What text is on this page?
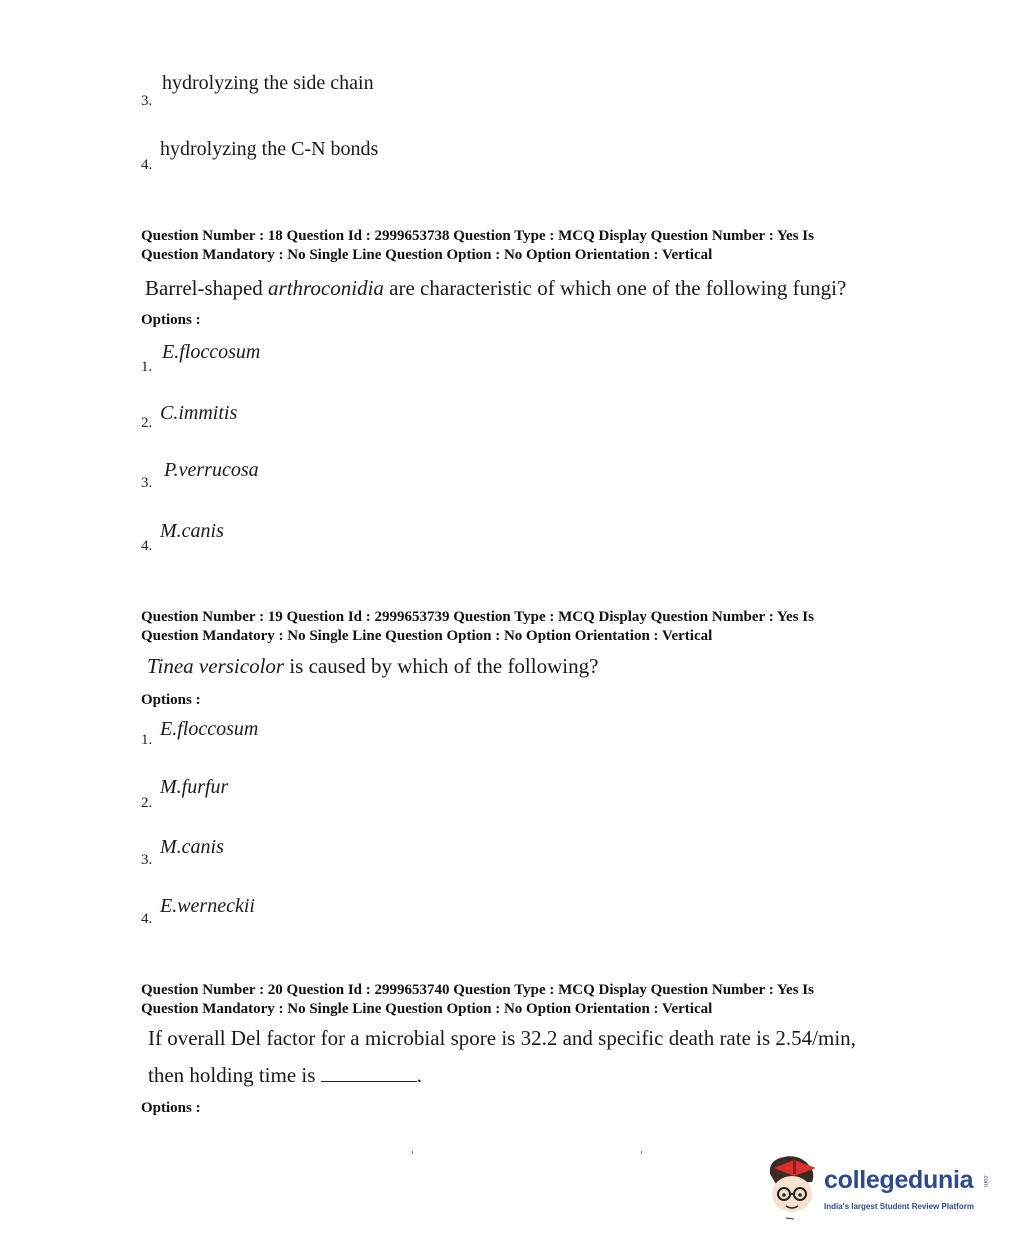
hydrolyzing the side chain
3.
hydrolyzing the C-N bonds
4.
Question Number : 18 Question Id : 2999653738 Question Type : MCQ Display Question Number : Yes Is
Question Mandatory : No Single Line Question Option : No Option Orientation : Vertical
Barrel-shaped arthroconidia are characteristic of which one of the following fungi?
Options :
E.floccosum
1.
C.immitis
2.
P.verrucosa
3.
M.canis
4.
Question Number : 19 Question Id : 2999653739 Question Type : MCQ Display Question Number : Yes Is
Question Mandatory : No Single Line Question Option : No Option Orientation : Vertical
Tinea versicolor is caused by which of the following?
Options :
E.floccosum
1.
M.furfur
2.
M.canis
3.
E.werneckii
4.
Question Number : 20 Question Id : 2999653740 Question Type : MCQ Display Question Number : Yes Is
Question Mandatory : No Single Line Question Option : No Option Orientation : Vertical
If overall Del factor for a microbial spore is 32.2 and specific death rate is 2.54/min,
then holding time is	.
Options :
collegedunia .com
India's largest Student Review Platform
